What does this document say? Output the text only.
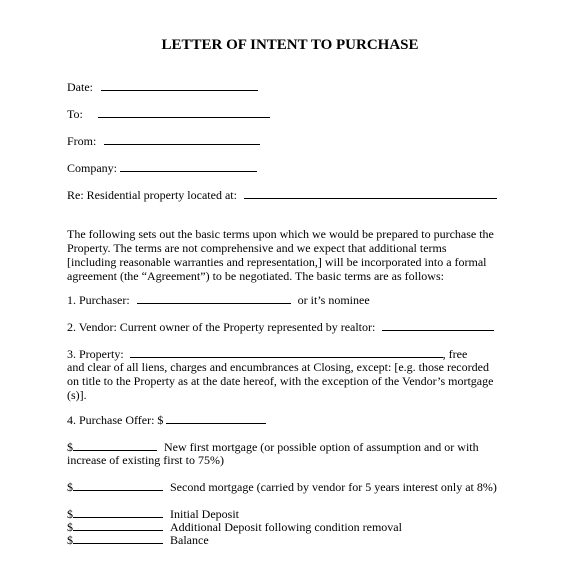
LETTER OF INTENT TO PURCHASE
Date:
To:
From:
Company:
Re: Residential property located at:

The following sets out the basic terms upon which we would be prepared to purchase the

Property. The terms are not comprehensive and we expect that additional terms

[including reasonable warranties and representation,] will be incorporated into a formal

agreement (the “Agreement”) to be negotiated. The basic terms are as follows:

1. Purchaser:	or it’s nominee
2. Vendor: Current owner of the Property represented by realtor:
3. Property:	, free

and clear of all liens, charges and encumbrances at Closing, except: [e.g. those recorded

on title to the Property as at the date hereof, with the exception of the Vendor’s mortgage

(s)].

4. Purchase Offer: $
$	New first mortgage (or possible option of assumption and or with
increase of existing first to 75%)
$	Second mortgage (carried by vendor for 5 years interest only at 8%)
$	Initial Deposit
$	Additional Deposit following condition removal
$	Balance
